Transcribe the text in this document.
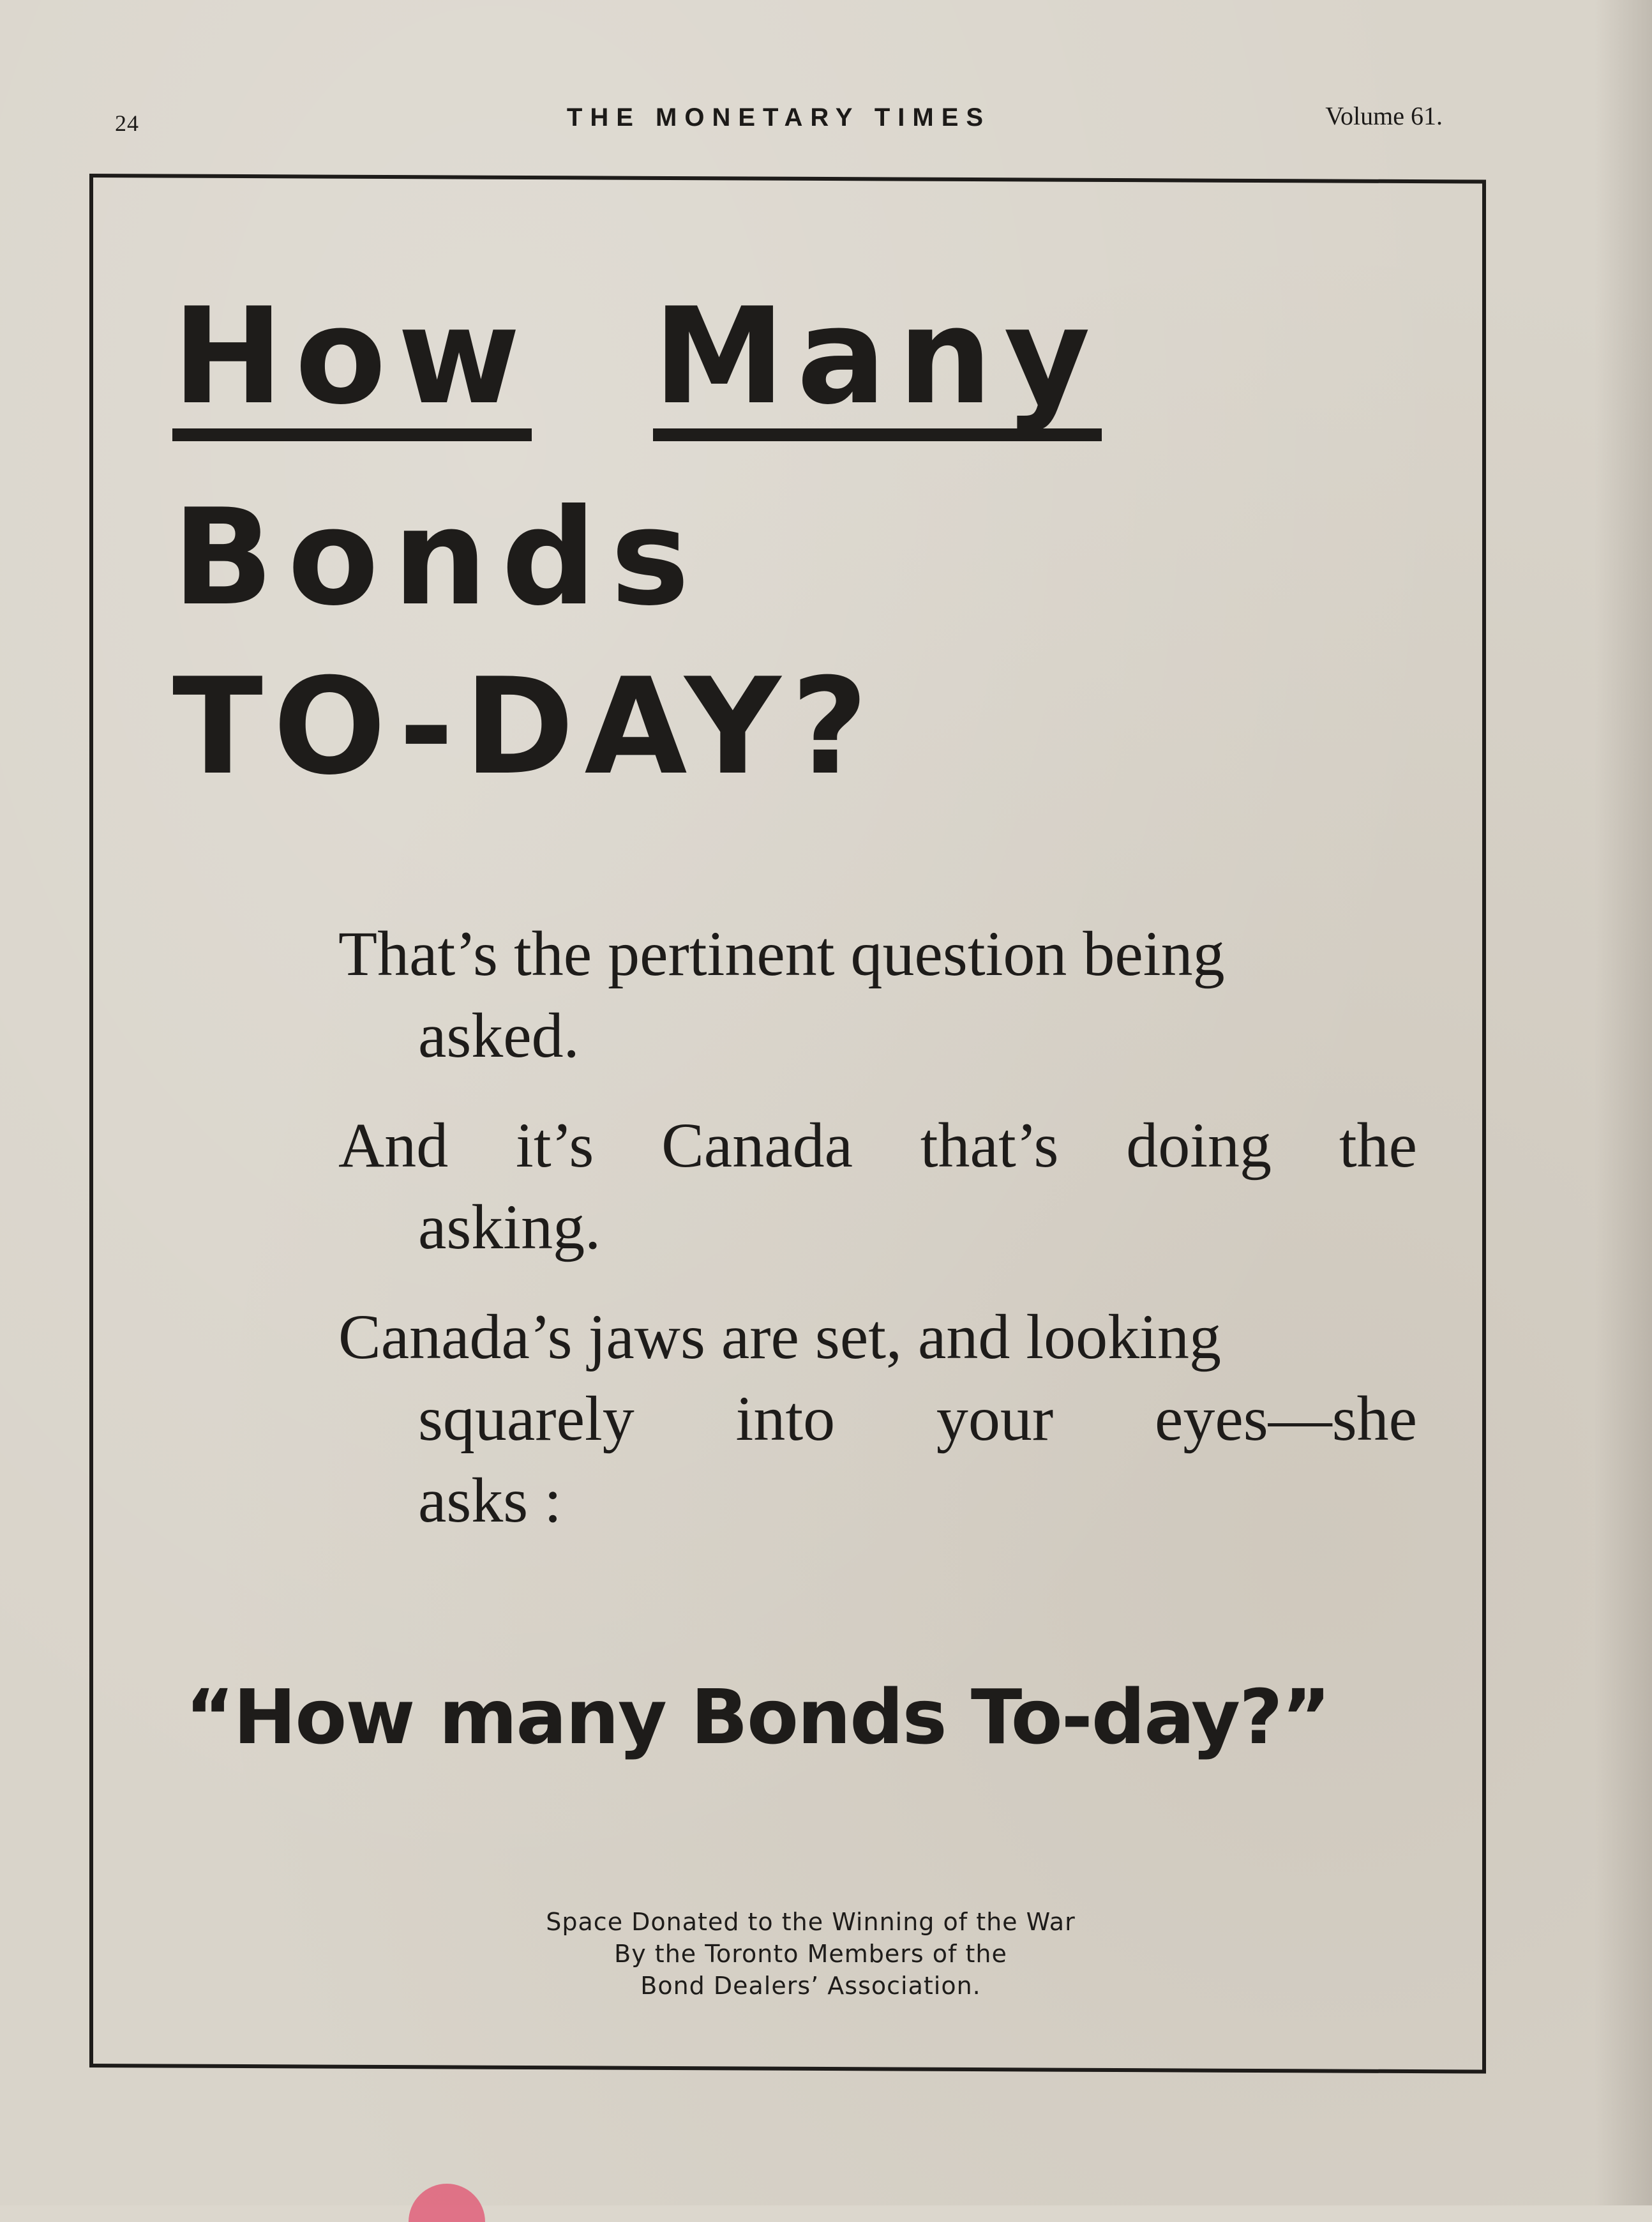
24	THE MONETARY TIMES	Volume 61.
How Many
Bonds
TO-DAY?
That’s the pertinent question being
asked.
And it’s Canada that’s doing the
asking.
Canada’s jaws are set, and looking
squarely into your eyes—she
asks :
“How many Bonds To-day?”
Space Donated to the Winning of the War
By the Toronto Members of the
Bond Dealers’ Association.
